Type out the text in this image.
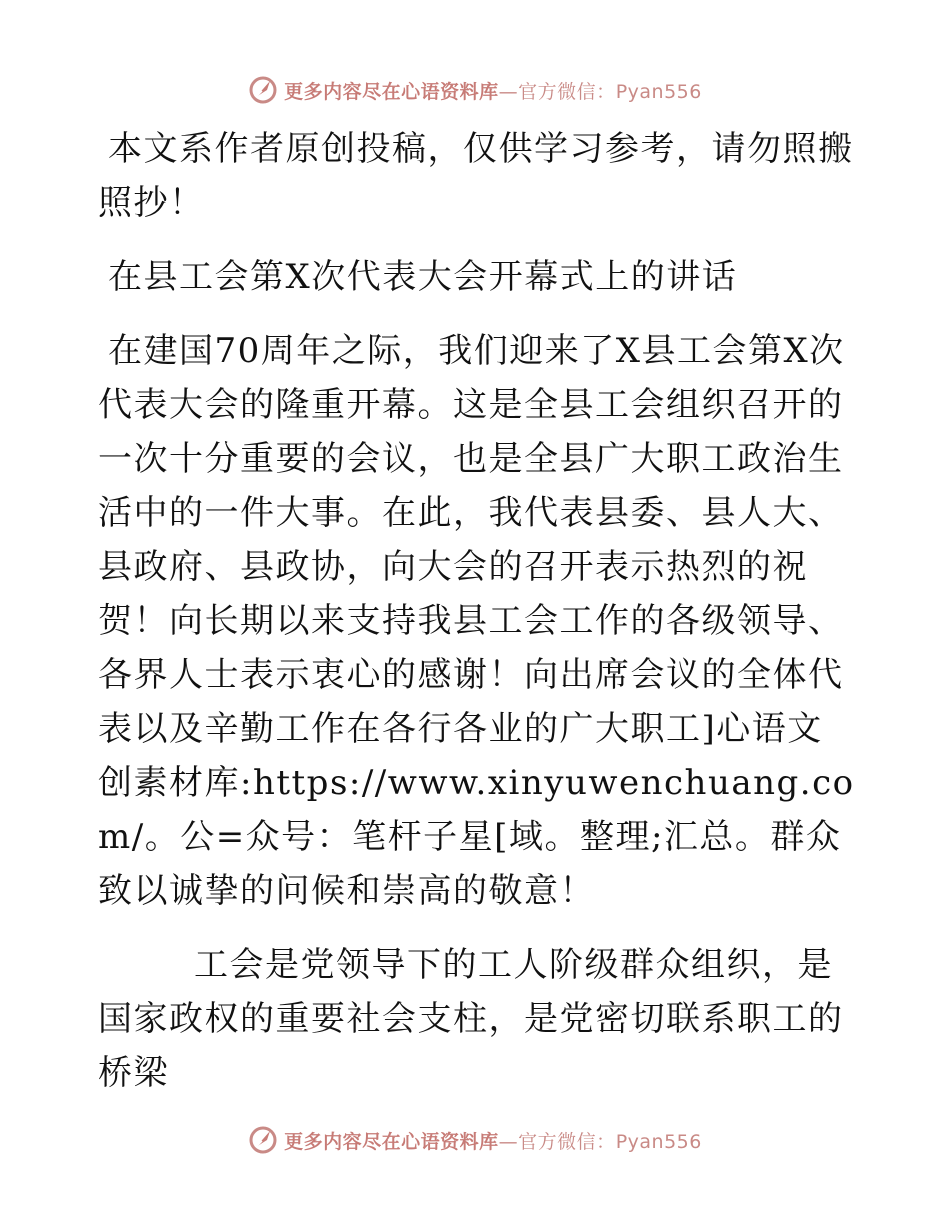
更多内容尽在心语资料库—官方微信：Pyan556

本文系作者原创投稿，仅供学习参考，请勿照搬照抄！

在县工会第X次代表大会开幕式上的讲话

在建国70周年之际，我们迎来了X县工会第X次代表大会的隆重开幕。这是全县工会组织召开的一次十分重要的会议，也是全县广大职工政治生活中的一件大事。在此，我代表县委、县人大、县政府、县政协，向大会的召开表示热烈的祝贺！向长期以来支持我县工会工作的各级领导、各界人士表示衷心的感谢！向出席会议的全体代表以及辛勤工作在各行各业的广大职工]心语文创素材库:https://www.xinyuwenchuang.com/。公=众号：笔杆子星[域。整理;汇总。群众致以诚挚的问候和崇高的敬意！

工会是党领导下的工人阶级群众组织，是国家政权的重要社会支柱，是党密切联系职工的桥梁

更多内容尽在心语资料库—官方微信：Pyan556
